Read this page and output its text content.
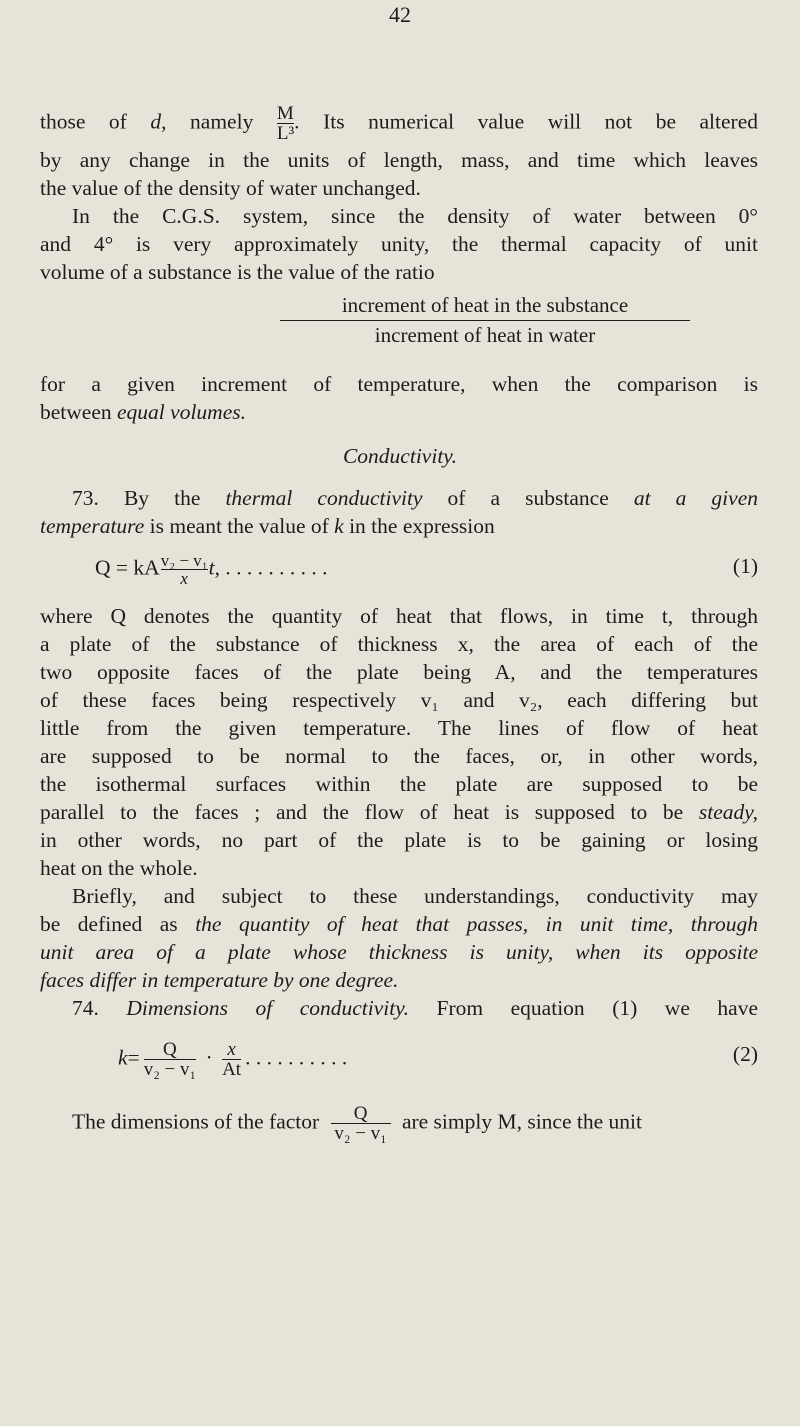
42
those of d, namely $\frac{M}{\text{L³}}$ . Its numerical value will not be altered
by any change in the units of length, mass, and time which leaves
the value of the density of water unchanged.
In the C.G.S. system, since the density of water between 0°
and 4° is very approximately unity, the thermal capacity of unit
volume of a substance is the value of the ratio
increment of heat in the substance
increment of heat in water
for a given increment of temperature, when the comparison is
between equal volumes.
Conductivity.
73. By the thermal conductivity of a substance at a given
temperature is meant the value of k in the expression
Q = kA $\frac{\text{v₂ − v₁}}{x} t$, . . . . . . . . . .	(1)
where Q denotes the quantity of heat that flows, in time t, through
a plate of the substance of thickness x, the area of each of the
two opposite faces of the plate being A, and the temperatures
of these faces being respectively v₁ and v₂, each differing but
little from the given temperature. The lines of flow of heat
are supposed to be normal to the faces, or, in other words,
the isothermal surfaces within the plate are supposed to be
parallel to the faces ; and the flow of heat is supposed to be steady,
in other words, no part of the plate is to be gaining or losing
heat on the whole.
Briefly, and subject to these understandings, conductivity may
be defined as the quantity of heat that passes, in unit time, through
unit area of a plate whose thickness is unity, when its opposite
faces differ in temperature by one degree.
74. Dimensions of conductivity. From equation (1) we have
$k= \frac{Q}{\text{v₂ − v₁}} \cdot \frac{x}{At}$ . . . . . . . . . .	(2)
The dimensions of the factor $\frac{Q}{\text{v₂ − v₁}}$ are simply M, since the unit
